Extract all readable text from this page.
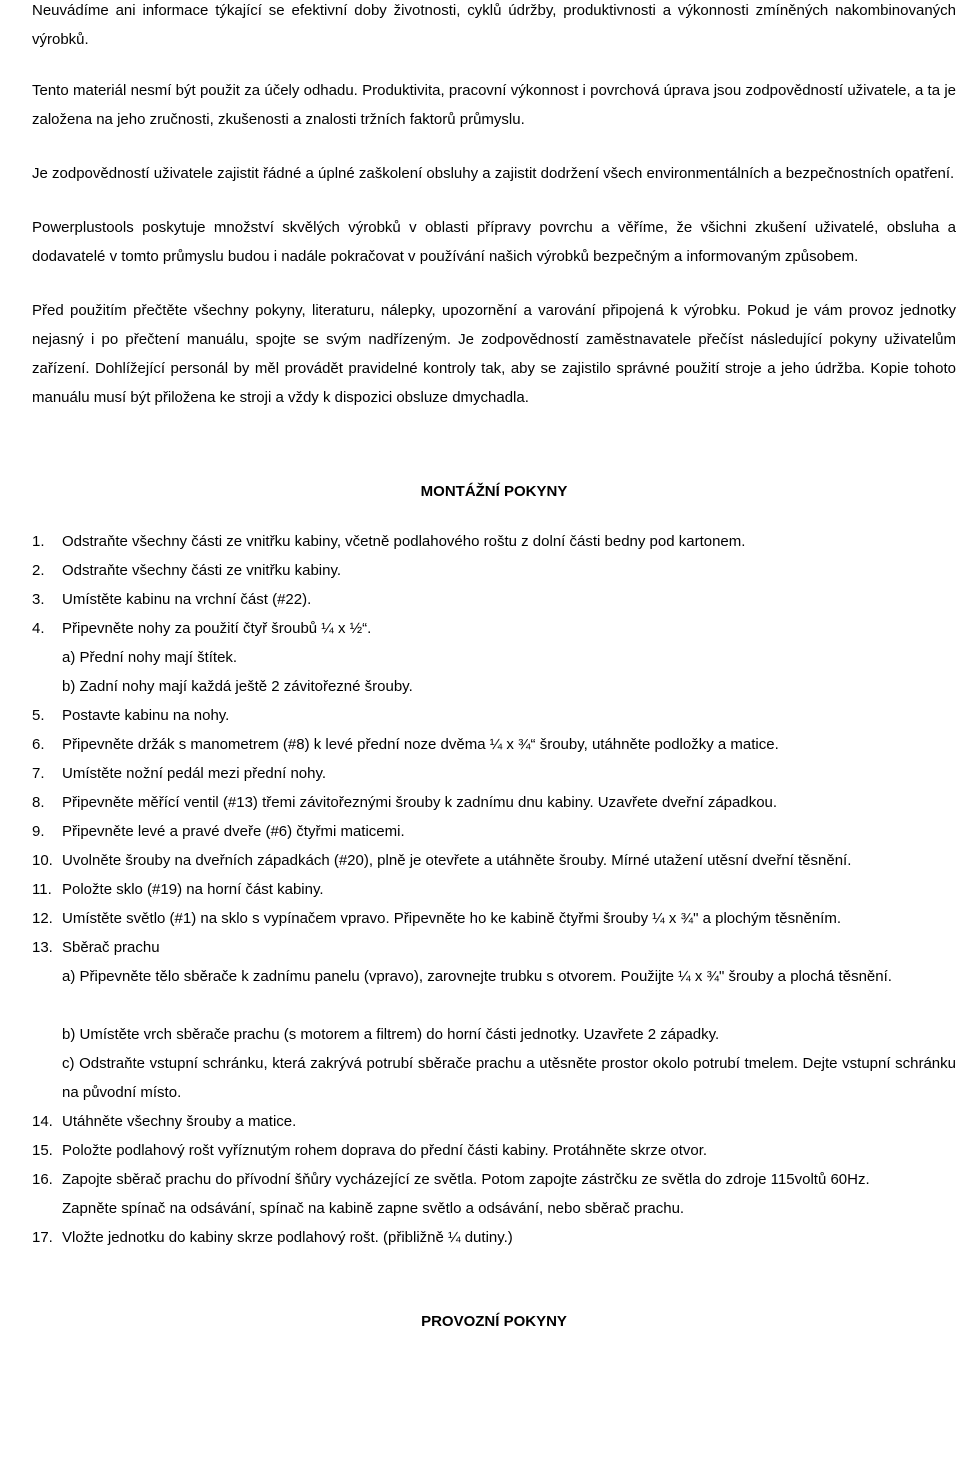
Neuvádíme ani informace týkající se efektivní doby životnosti, cyklů údržby, produktivnosti a výkonnosti zmíněných nakombinovaných výrobků.

Tento materiál nesmí být použit za účely odhadu. Produktivita, pracovní výkonnost i povrchová úprava jsou zodpovědností uživatele, a ta je založena na jeho zručnosti, zkušenosti a znalosti tržních faktorů průmyslu.

Je zodpovědností uživatele zajistit řádné a úplné zaškolení obsluhy a zajistit dodržení všech environmentálních a bezpečnostních opatření.

Powerplustools poskytuje množství skvělých výrobků v oblasti přípravy povrchu a věříme, že všichni zkušení uživatelé, obsluha a dodavatelé v tomto průmyslu budou i nadále pokračovat v používání našich výrobků bezpečným a informovaným způsobem.

Před použitím přečtěte všechny pokyny, literaturu, nálepky, upozornění a varování připojená k výrobku. Pokud je vám provoz jednotky nejasný i po přečtení manuálu, spojte se svým nadřízeným. Je zodpovědností zaměstnavatele přečíst následující pokyny uživatelům zařízení. Dohlížející personál by měl provádět pravidelné kontroly tak, aby se zajistilo správné použití stroje a jeho údržba. Kopie tohoto manuálu musí být přiložena ke stroji a vždy k dispozici obsluze dmychadla.

MONTÁŽNÍ POKYNY

1.	Odstraňte všechny části ze vnitřku kabiny, včetně podlahového roštu z dolní části bedny pod kartonem.
2.	Odstraňte všechny části ze vnitřku kabiny.
3.	Umístěte kabinu na vrchní část (#22).
4.	Připevněte nohy za použití čtyř šroubů ¼ x ½“.
a) Přední nohy mají štítek.
b) Zadní nohy mají každá ještě 2 závitořezné šrouby.
5.	Postavte kabinu na nohy.
6.	Připevněte držák s manometrem (#8) k levé přední noze dvěma ¼ x ¾“ šrouby, utáhněte podložky a matice.
7.	Umístěte nožní pedál mezi přední nohy.
8.	Připevněte měřící ventil (#13) třemi závitořeznými šrouby k zadnímu dnu kabiny. Uzavřete dveřní západkou.
9.	Připevněte levé a pravé dveře (#6) čtyřmi maticemi.
10. Uvolněte šrouby na dveřních západkách (#20), plně je otevřete a utáhněte šrouby. Mírné utažení utěsní dveřní těsnění.
11. Položte sklo (#19) na horní část kabiny.
12. Umístěte světlo (#1) na sklo s vypínačem vpravo. Připevněte ho ke kabině čtyřmi šrouby ¼ x ¾" a plochým těsněním.
13. Sběrač prachu
a) Připevněte tělo sběrače k zadnímu panelu (vpravo), zarovnejte trubku s otvorem. Použijte ¼ x ¾" šrouby a plochá těsnění.
b) Umístěte vrch sběrače prachu (s motorem a filtrem) do horní části jednotky. Uzavřete 2 západky.
c) Odstraňte vstupní schránku, která zakrývá potrubí sběrače prachu a utěsněte prostor okolo potrubí tmelem. Dejte vstupní schránku na původní místo.
14. Utáhněte všechny šrouby a matice.
15. Položte podlahový rošt vyříznutým rohem doprava do přední části kabiny. Protáhněte skrze otvor.
16. Zapojte sběrač prachu do přívodní šňůry vycházející ze světla. Potom zapojte zástrčku ze světla do zdroje 115voltů 60Hz.
Zapněte spínač na odsávání, spínač na kabině zapne světlo a odsávání, nebo sběrač prachu.
17. Vložte jednotku do kabiny skrze podlahový rošt. (přibližně ¼ dutiny.)

PROVOZNÍ POKYNY
